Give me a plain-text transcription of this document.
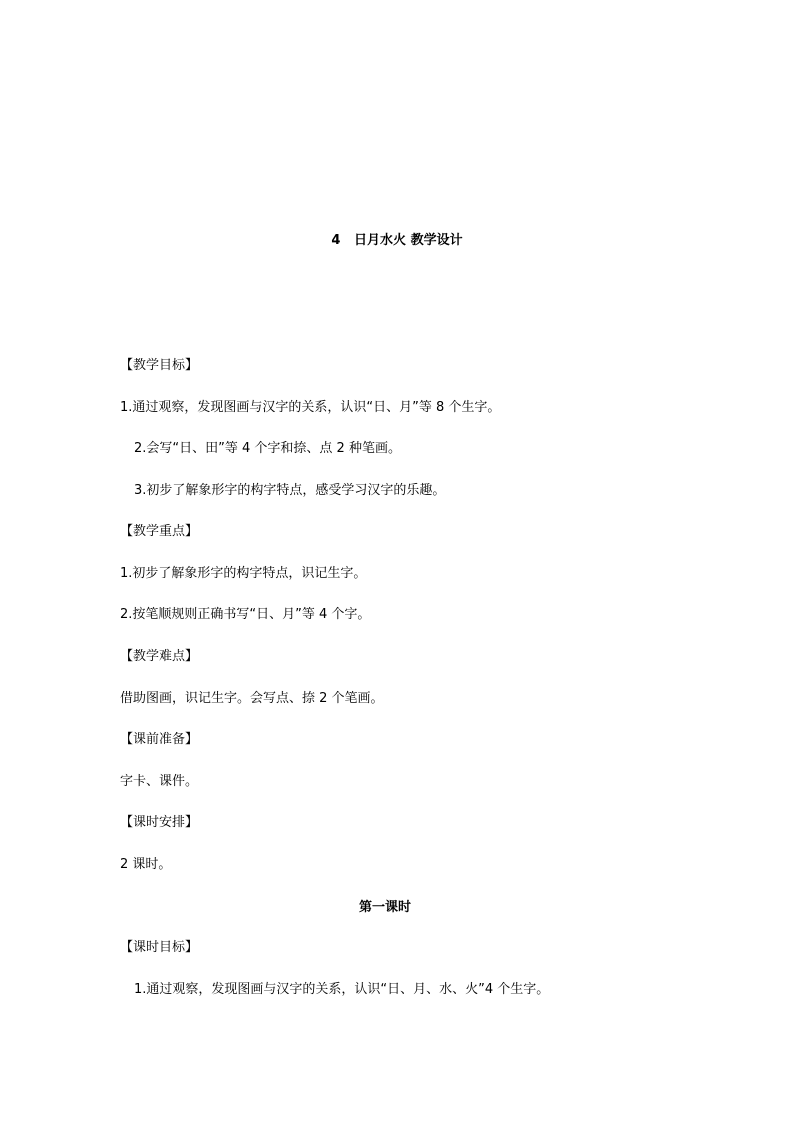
4   日月水火 教学设计
【教学目标】
1.通过观察，发现图画与汉字的关系，认识“日、月”等 8 个生字。
2.会写“日、田”等 4 个字和捺、点 2 种笔画。
3.初步了解象形字的构字特点，感受学习汉字的乐趣。
【教学重点】
1.初步了解象形字的构字特点，识记生字。
2.按笔顺规则正确书写“日、月”等 4 个字。
【教学难点】
借助图画，识记生字。会写点、捺 2 个笔画。
【课前准备】
字卡、课件。
【课时安排】
2 课时。
第一课时
【课时目标】
1.通过观察，发现图画与汉字的关系，认识“日、月、水、火”4 个生字。
